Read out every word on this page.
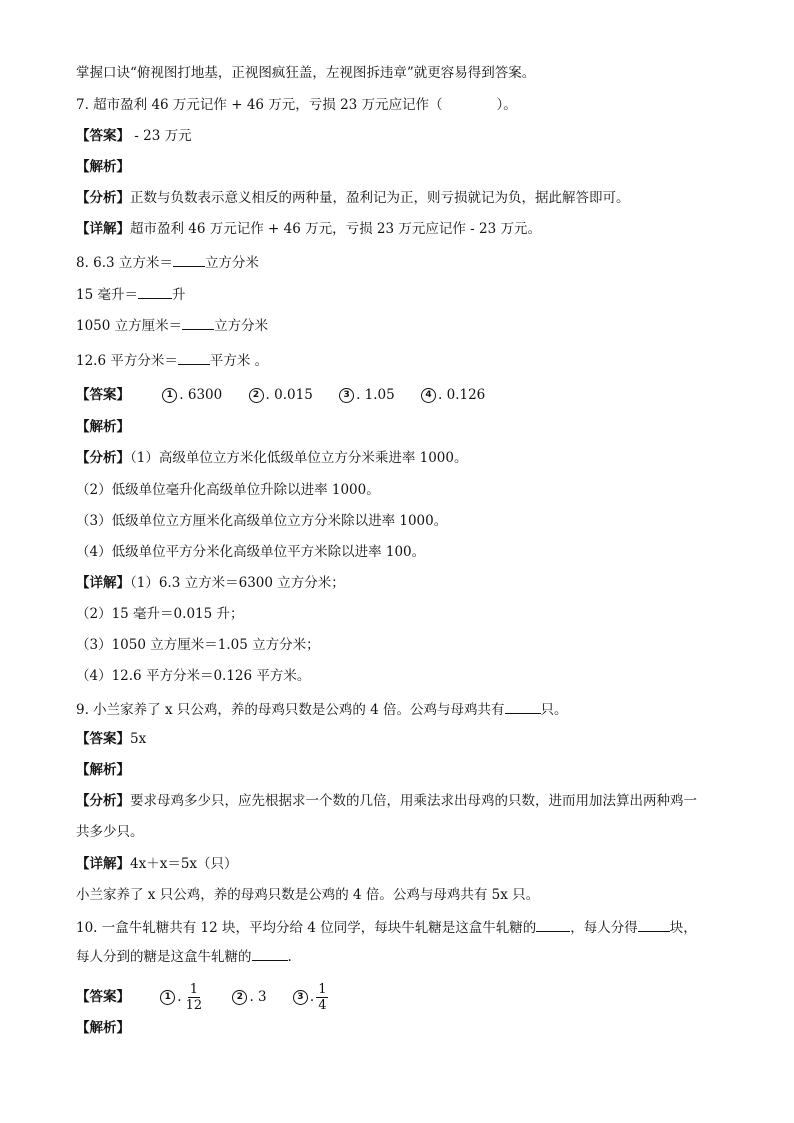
掌握口诀“俯视图打地基，正视图疯狂盖，左视图拆违章”就更容易得到答案。
7. 超市盈利 46 万元记作 + 46 万元，亏损 23 万元应记作（　　　　）。
【答案】 - 23 万元
【解析】
【分析】正数与负数表示意义相反的两种量，盈利记为正，则亏损就记为负，据此解答即可。
【详解】超市盈利 46 万元记作 + 46 万元，亏损 23 万元应记作 - 23 万元。
8. 6.3 立方米＝ 立方分米
15 毫升＝	升
1050 立方厘米＝ 立方分米
12.6 平方分米＝ 平方米 。
【答案】	1 . 6300	2 . 0.015	3 . 1.05	4 . 0.126
【解析】
【分析】（1）高级单位立方米化低级单位立方分米乘进率 1000。
（2）低级单位毫升化高级单位升除以进率 1000。
（3）低级单位立方厘米化高级单位立方分米除以进率 1000。
（4）低级单位平方分米化高级单位平方米除以进率 100。
【详解】（1）6.3 立方米＝6300 立方分米；
（2）15 毫升＝0.015 升；
（3）1050 立方厘米＝1.05 立方分米；
（4）12.6 平方分米＝0.126 平方米。
9. 小兰家养了 x 只公鸡，养的母鸡只数是公鸡的 4 倍。公鸡与母鸡共有	只。
【答案】5x
【解析】
【分析】要求母鸡多少只，应先根据求一个数的几倍，用乘法求出母鸡的只数，进而用加法算出两种鸡一
共多少只。
【详解】4x＋x＝5x（只）
小兰家养了 x 只公鸡，养的母鸡只数是公鸡的 4 倍。公鸡与母鸡共有 5x 只。
10. 一盒牛轧糖共有 12 块，平均分给 4 位同学，每块牛轧糖是这盒牛轧糖的	，每人分得 块，
每人分到的糖是这盒牛轧糖的	.
【答案】	1 . $\frac{1}{12}$	2 . 3	3 . $\frac{1}{4}$
【解析】
